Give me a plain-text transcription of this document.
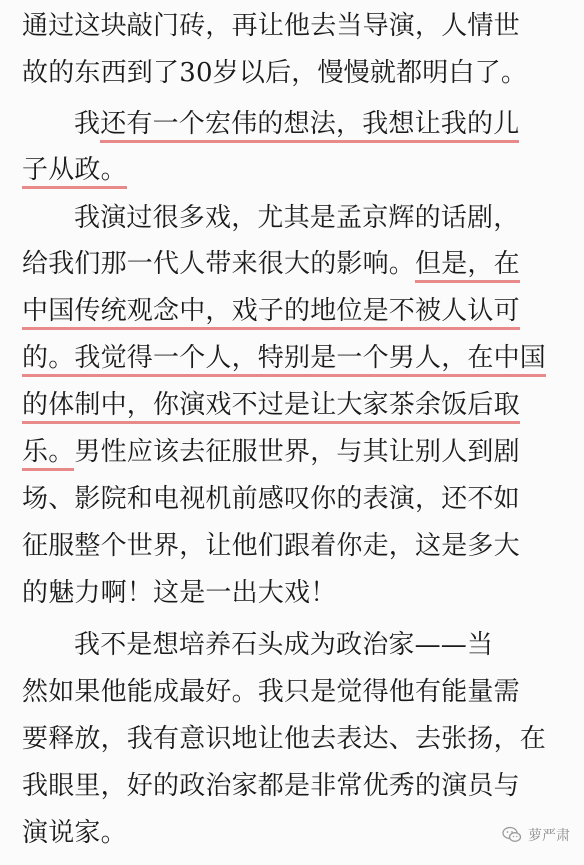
通过这块敲门砖，再让他去当导演，人情世
故的东西到了30岁以后，慢慢就都明白了。
我还有一个宏伟的想法，我想让我的儿
子从政。
我演过很多戏，尤其是孟京辉的话剧，
给我们那一代人带来很大的影响。但是，在
中国传统观念中，戏子的地位是不被人认可
的。我觉得一个人，特别是一个男人，在中国
的体制中，你演戏不过是让大家茶余饭后取
乐。男性应该去征服世界，与其让别人到剧
场、影院和电视机前感叹你的表演，还不如
征服整个世界，让他们跟着你走，这是多大
的魅力啊！这是一出大戏！
我不是想培养石头成为政治家——当
然如果他能成最好。我只是觉得他有能量需
要释放，我有意识地让他去表达、去张扬，在
我眼里，好的政治家都是非常优秀的演员与
演说家。	萝严肃
